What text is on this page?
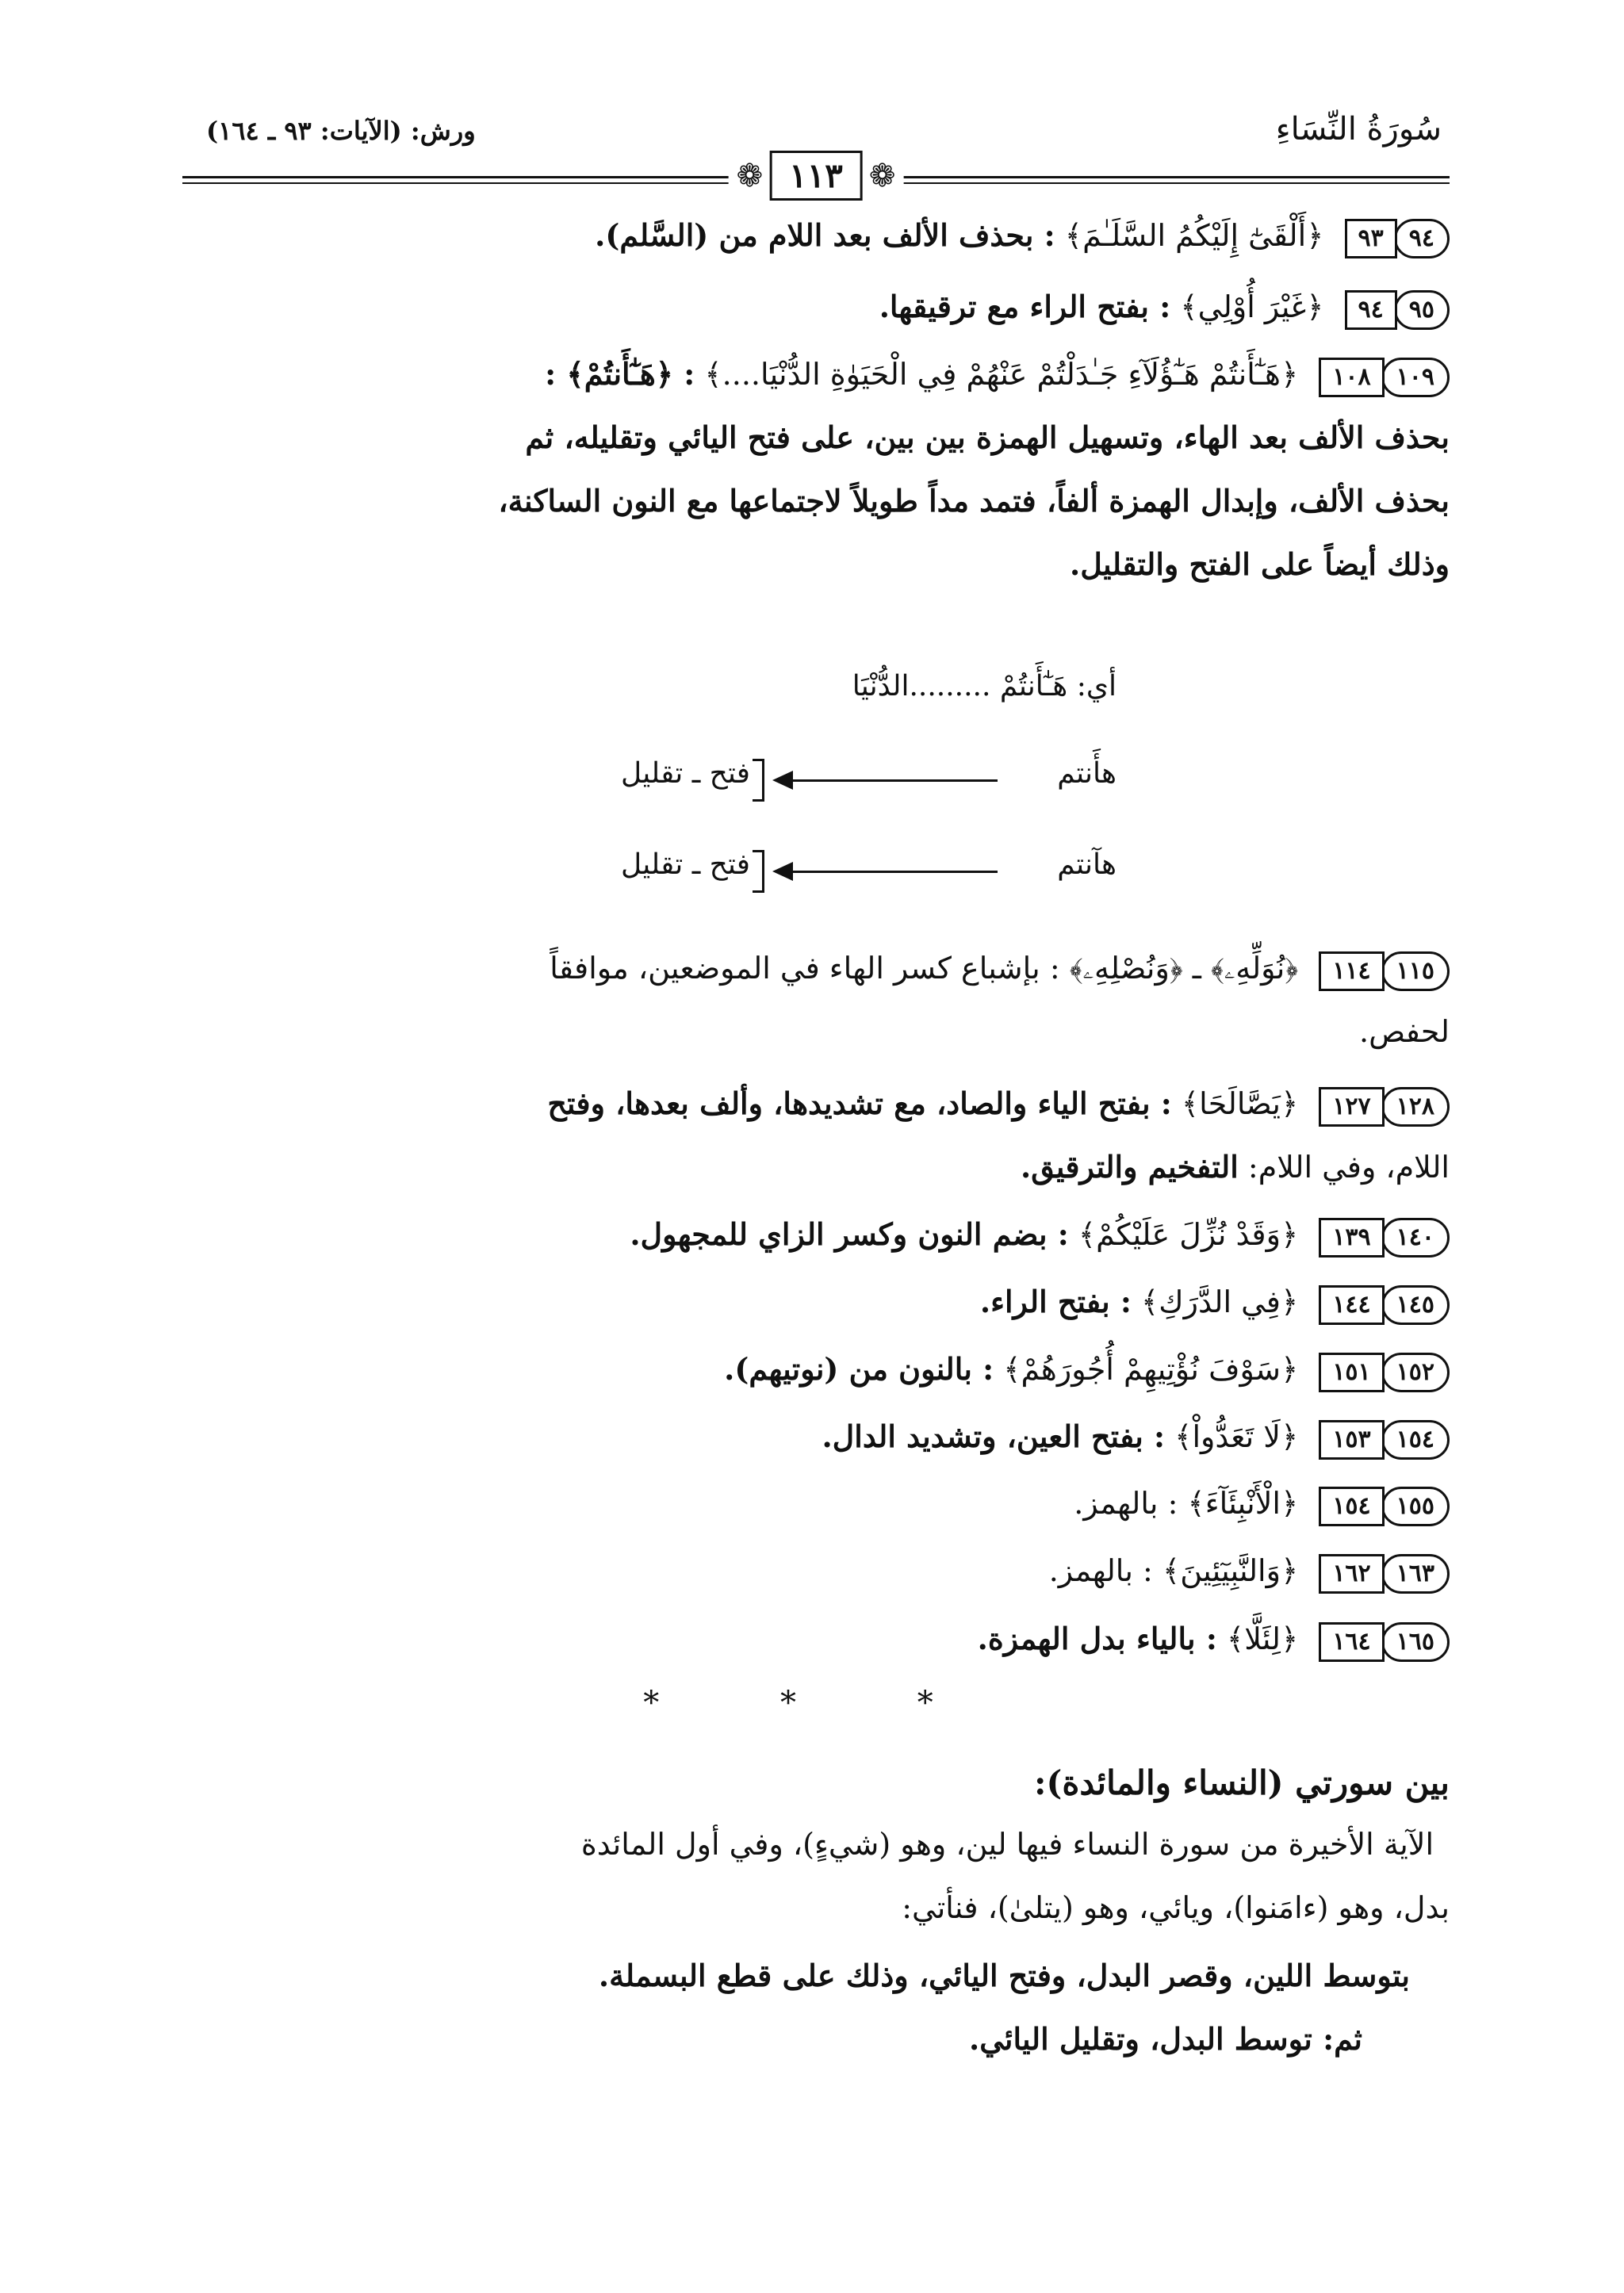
سُورَةُ النِّسَاءِ
ورش: (الآيات: ٩٣ ـ ١٦٤)
❁
١١٣
❁
٩٤
٩٣
﴿أَلْقَىٰٓ إِلَيْكُمُ السَّلَـٰمَ﴾ : بحذف الألف بعد اللام من (السَّلم).
٩٥
٩٤
﴿غَيْرَ أُوْلِي﴾ : بفتح الراء مع ترقيقها.
١٠٩
١٠٨
﴿هَـٰٓأَنتُمْ هَـٰٓؤُلَآءِ جَـٰدَلْتُمْ عَنْهُمْ فِي الْحَيَوٰةِ الدُّنْيَا....﴾ : ﴿هَـٰٓأَنتُمْ﴾ :
بحذف الألف بعد الهاء، وتسهيل الهمزة بين بين، على فتح اليائي وتقليله، ثم
بحذف الألف، وإبدال الهمزة ألفاً، فتمد مداً طويلاً لاجتماعها مع النون الساكنة،
وذلك أيضاً على الفتح والتقليل.
أي: هَـٰٓأَنتُمْ .........الدُّنْيَا
هأَنتم
فتح ـ تقليل
هآنتم
فتح ـ تقليل
١١٥
١١٤
﴿نُوَلِّهِۦ﴾ ـ ﴿وَنُصْلِهِۦ﴾ : بإشباع كسر الهاء في الموضعين، موافقاً
لحفص.
١٢٨
١٢٧
﴿يَصَّالَحَا﴾ : بفتح الياء والصاد، مع تشديدها، وألف بعدها، وفتح
اللام، وفي اللام: التفخيم والترقيق.
١٤٠
١٣٩
﴿وَقَدْ نُزِّلَ عَلَيْكُمْ﴾ : بضم النون وكسر الزاي للمجهول.
١٤٥
١٤٤
﴿فِي الدَّرَكِ﴾ : بفتح الراء.
١٥٢
١٥١
﴿سَوْفَ نُؤْتِيهِمْ أُجُورَهُمْ﴾ : بالنون من (نوتيهم).
١٥٤
١٥٣
﴿لَا تَعَدُّواْ﴾ : بفتح العين، وتشديد الدال.
١٥٥
١٥٤
﴿الْأَنْبِئَآءَ﴾ : بالهمز.
١٦٣
١٦٢
﴿وَالنَّبِيٓئِينَ﴾ : بالهمز.
١٦٥
١٦٤
﴿لِئَلَّا﴾ : بالياء بدل الهمزة.
* * *
بين سورتي (النساء والمائدة):
الآية الأخيرة من سورة النساء فيها لين، وهو (شيءٍ)، وفي أول المائدة
بدل، وهو (ءامَنوا)، ويائي، وهو (يتلىٰ)، فنأتي:
بتوسط اللين، وقصر البدل، وفتح اليائي، وذلك على قطع البسملة.
ثم: توسط البدل، وتقليل اليائي.
